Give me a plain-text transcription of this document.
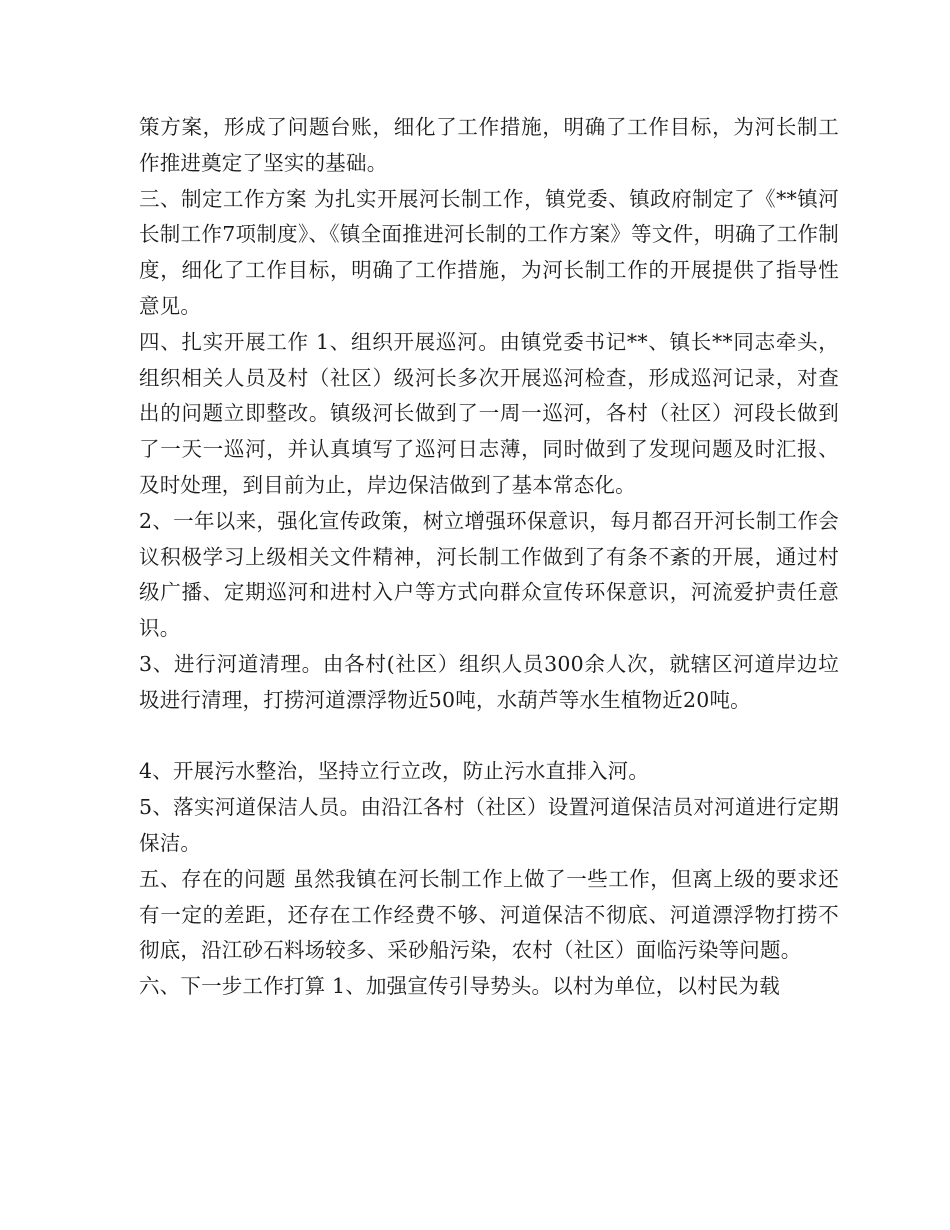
策方案，形成了问题台账，细化了工作措施，明确了工作目标，为河长制工作推进奠定了坚实的基础。

三、制定工作方案 为扎实开展河长制工作，镇党委、镇政府制定了《**镇河长制工作7项制度》、《镇全面推进河长制的工作方案》等文件，明确了工作制度，细化了工作目标，明确了工作措施，为河长制工作的开展提供了指导性意见。

四、扎实开展工作 1、组织开展巡河。由镇党委书记**、镇长**同志牵头，组织相关人员及村（社区）级河长多次开展巡河检查，形成巡河记录，对查出的问题立即整改。镇级河长做到了一周一巡河，各村（社区）河段长做到了一天一巡河，并认真填写了巡河日志薄，同时做到了发现问题及时汇报、及时处理，到目前为止，岸边保洁做到了基本常态化。

2、一年以来，强化宣传政策，树立增强环保意识，每月都召开河长制工作会议积极学习上级相关文件精神，河长制工作做到了有条不紊的开展，通过村级广播、定期巡河和进村入户等方式向群众宣传环保意识，河流爱护责任意识。

3、进行河道清理。由各村(社区）组织人员300余人次，就辖区河道岸边垃圾进行清理，打捞河道漂浮物近50吨，水葫芦等水生植物近20吨。

4、开展污水整治，坚持立行立改，防止污水直排入河。

5、落实河道保洁人员。由沿江各村（社区）设置河道保洁员对河道进行定期保洁。

五、存在的问题 虽然我镇在河长制工作上做了一些工作，但离上级的要求还有一定的差距，还存在工作经费不够、河道保洁不彻底、河道漂浮物打捞不彻底，沿江砂石料场较多、采砂船污染，农村（社区）面临污染等问题。

六、下一步工作打算 1、加强宣传引导势头。以村为单位，以村民为载
